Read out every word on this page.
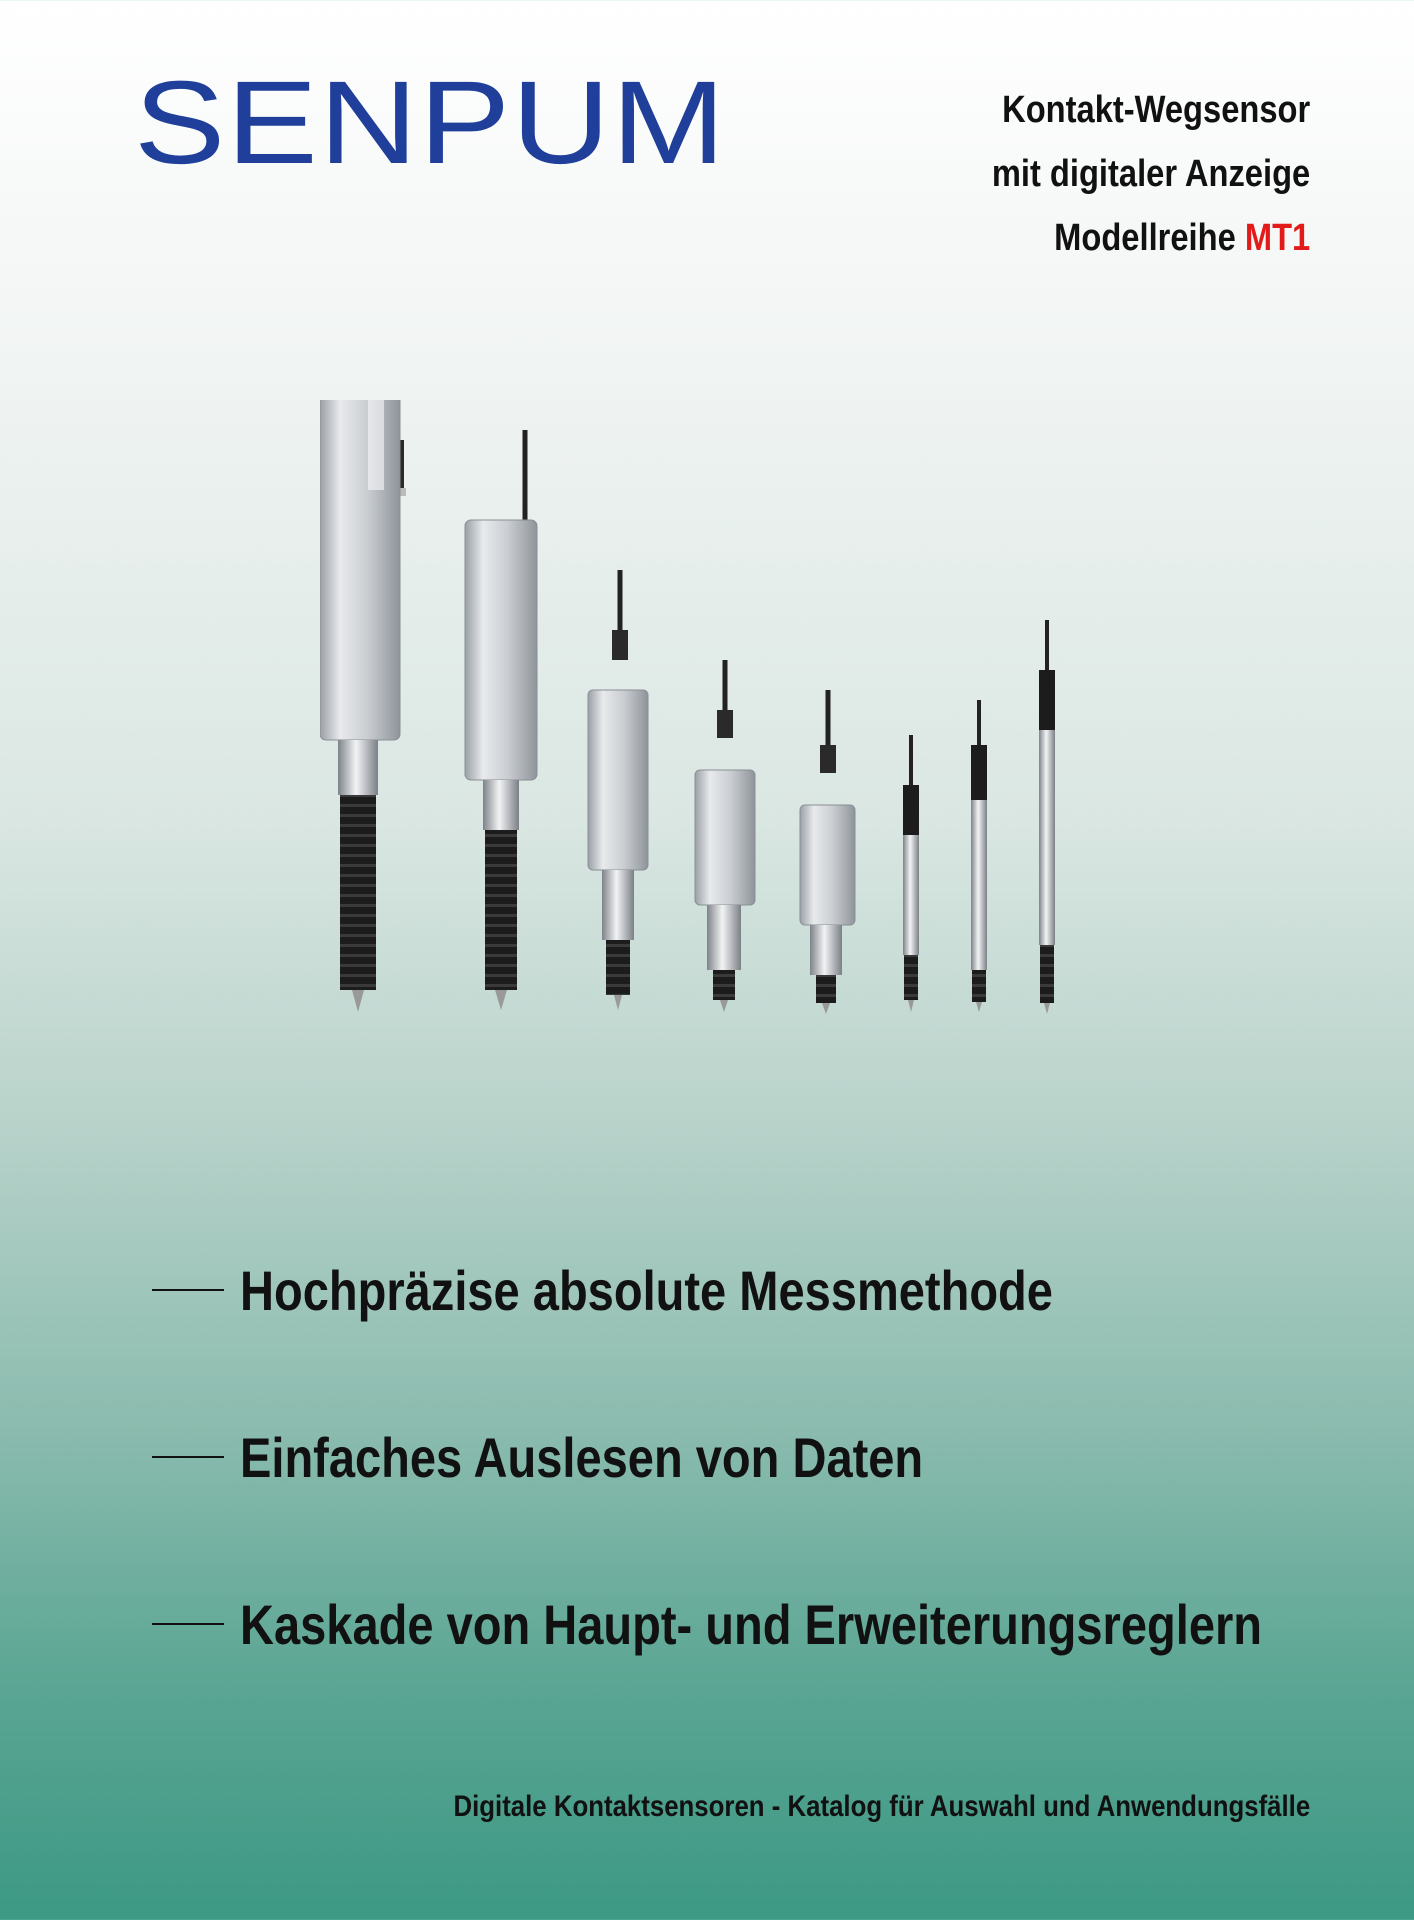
SENPUM	Kontakt-Wegsensor
mit digitaler Anzeige
Modellreihe MT1
Hochpräzise absolute Messmethode
Einfaches Auslesen von Daten
Kaskade von Haupt- und Erweiterungsreglern
Digitale Kontaktsensoren - Katalog für Auswahl und Anwendungsfälle
